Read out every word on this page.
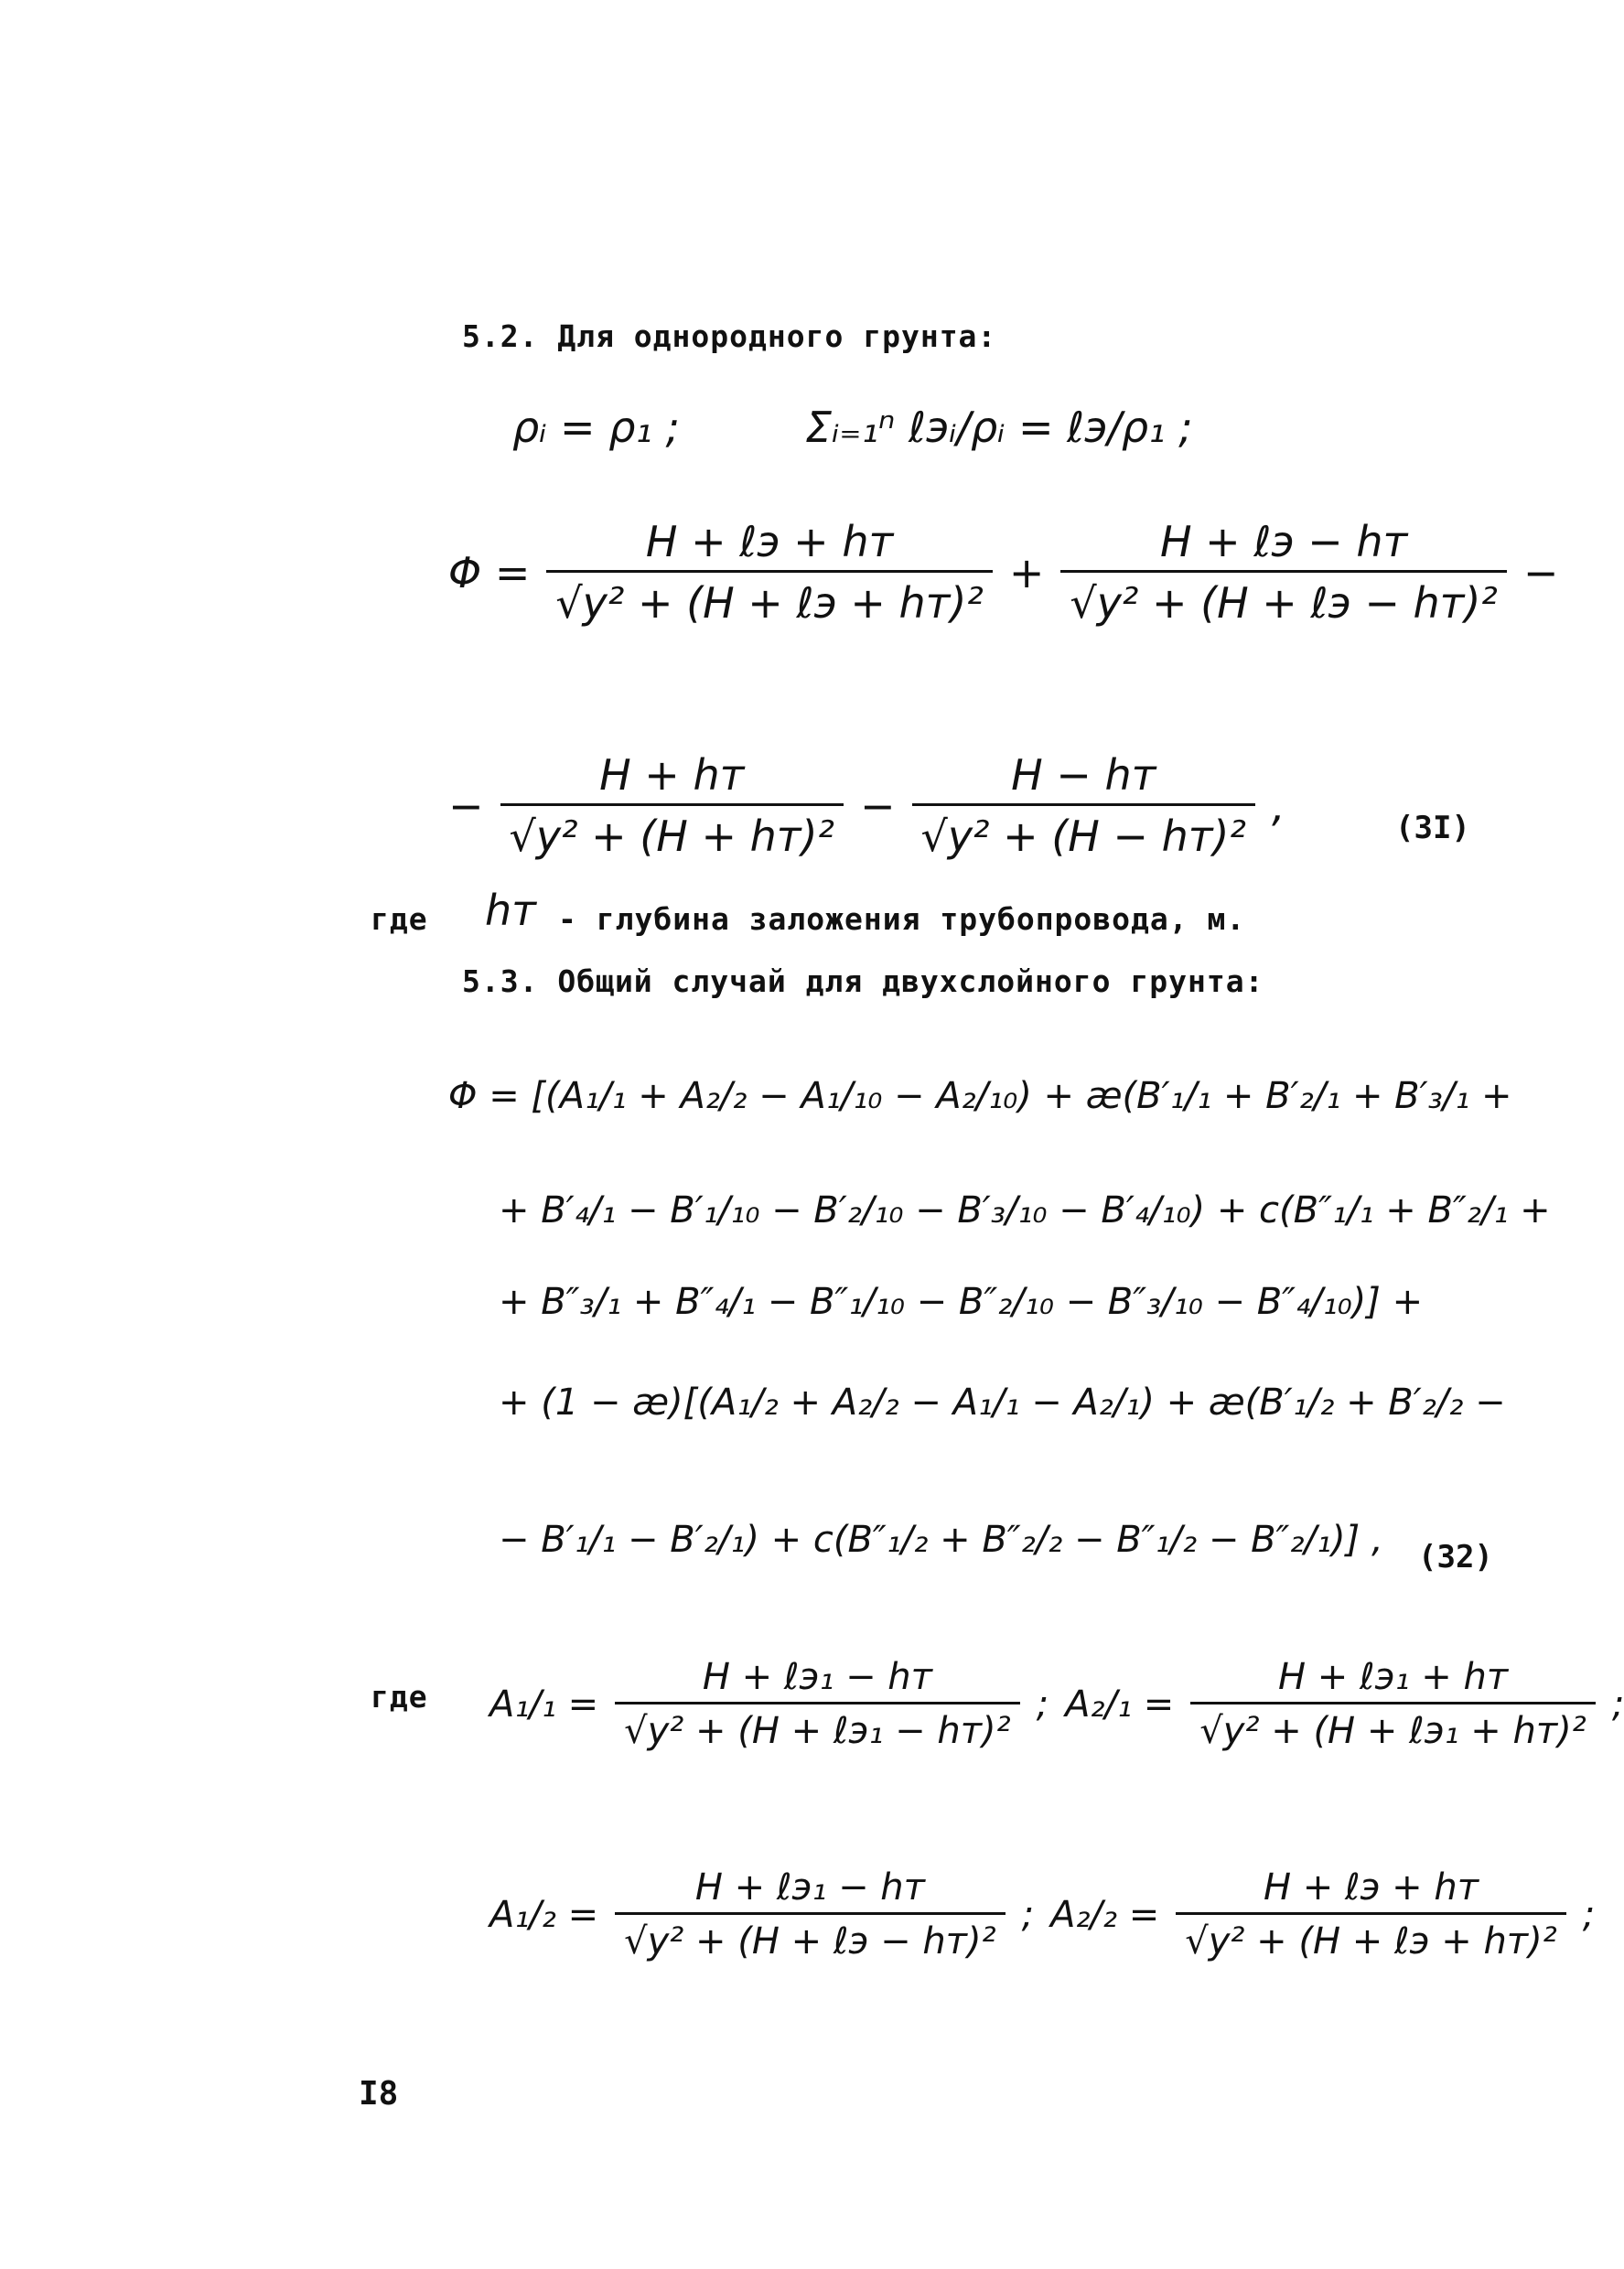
5.2. Для однородного грунта:
ρᵢ = ρ₁ ;	Σᵢ₌₁ⁿ ℓэᵢ/ρᵢ = ℓэ/ρ₁ ;
$\Phi = \frac{\text{H + ℓэ + hт}}{\text{√y² + (H + ℓэ + hт)²}} + \frac{\text{H + ℓэ − hт}}{\text{√y² + (H + ℓэ − hт)²}}$ −
− $\frac{H + hт}{\text{√y² + (H + hт)²}} - \frac{H - hт}{\text{√y² + (H − hт)²}}$ ,	(3I)
где hт - глубина заложения трубопровода, м.
5.3. Общий случай для двухслойного грунта:
Φ = [(A₁/₁ + A₂/₂ − A₁/₁₀ − A₂/₁₀) + æ(B′₁/₁ + B′₂/₁ + B′₃/₁ +
+ B′₄/₁ − B′₁/₁₀ − B′₂/₁₀ − B′₃/₁₀ − B′₄/₁₀) + c(B″₁/₁ + B″₂/₁ +
+ B″₃/₁ + B″₄/₁ − B″₁/₁₀ − B″₂/₁₀ − B″₃/₁₀ − B″₄/₁₀)] +
+ (1 − æ)[(A₁/₂ + A₂/₂ − A₁/₁ − A₂/₁) + æ(B′₁/₂ + B′₂/₂ −
− B′₁/₁ − B′₂/₁) + c(B″₁/₂ + B″₂/₂ − B″₁/₂ − B″₂/₁)] , (32)
где $A_1/_1 = \frac{\text{H + ℓэ₁ − hт}}{\text{√y² + (H + ℓэ₁ − hт)²}}$ ; $A_2/_1 = \frac{\text{H + ℓэ₁ + hт}}{\text{√y² + (H + ℓэ₁ + hт)²}}$ ;
$A_1/_2 = \frac{\text{H + ℓэ₁ − hт}}{\text{√y² + (H + ℓэ − hт)²}}$ ; $A_2/_2 = \frac{\text{H + ℓэ + hт}}{\text{√y² + (H + ℓэ + hт)²}}$ ;
I8
